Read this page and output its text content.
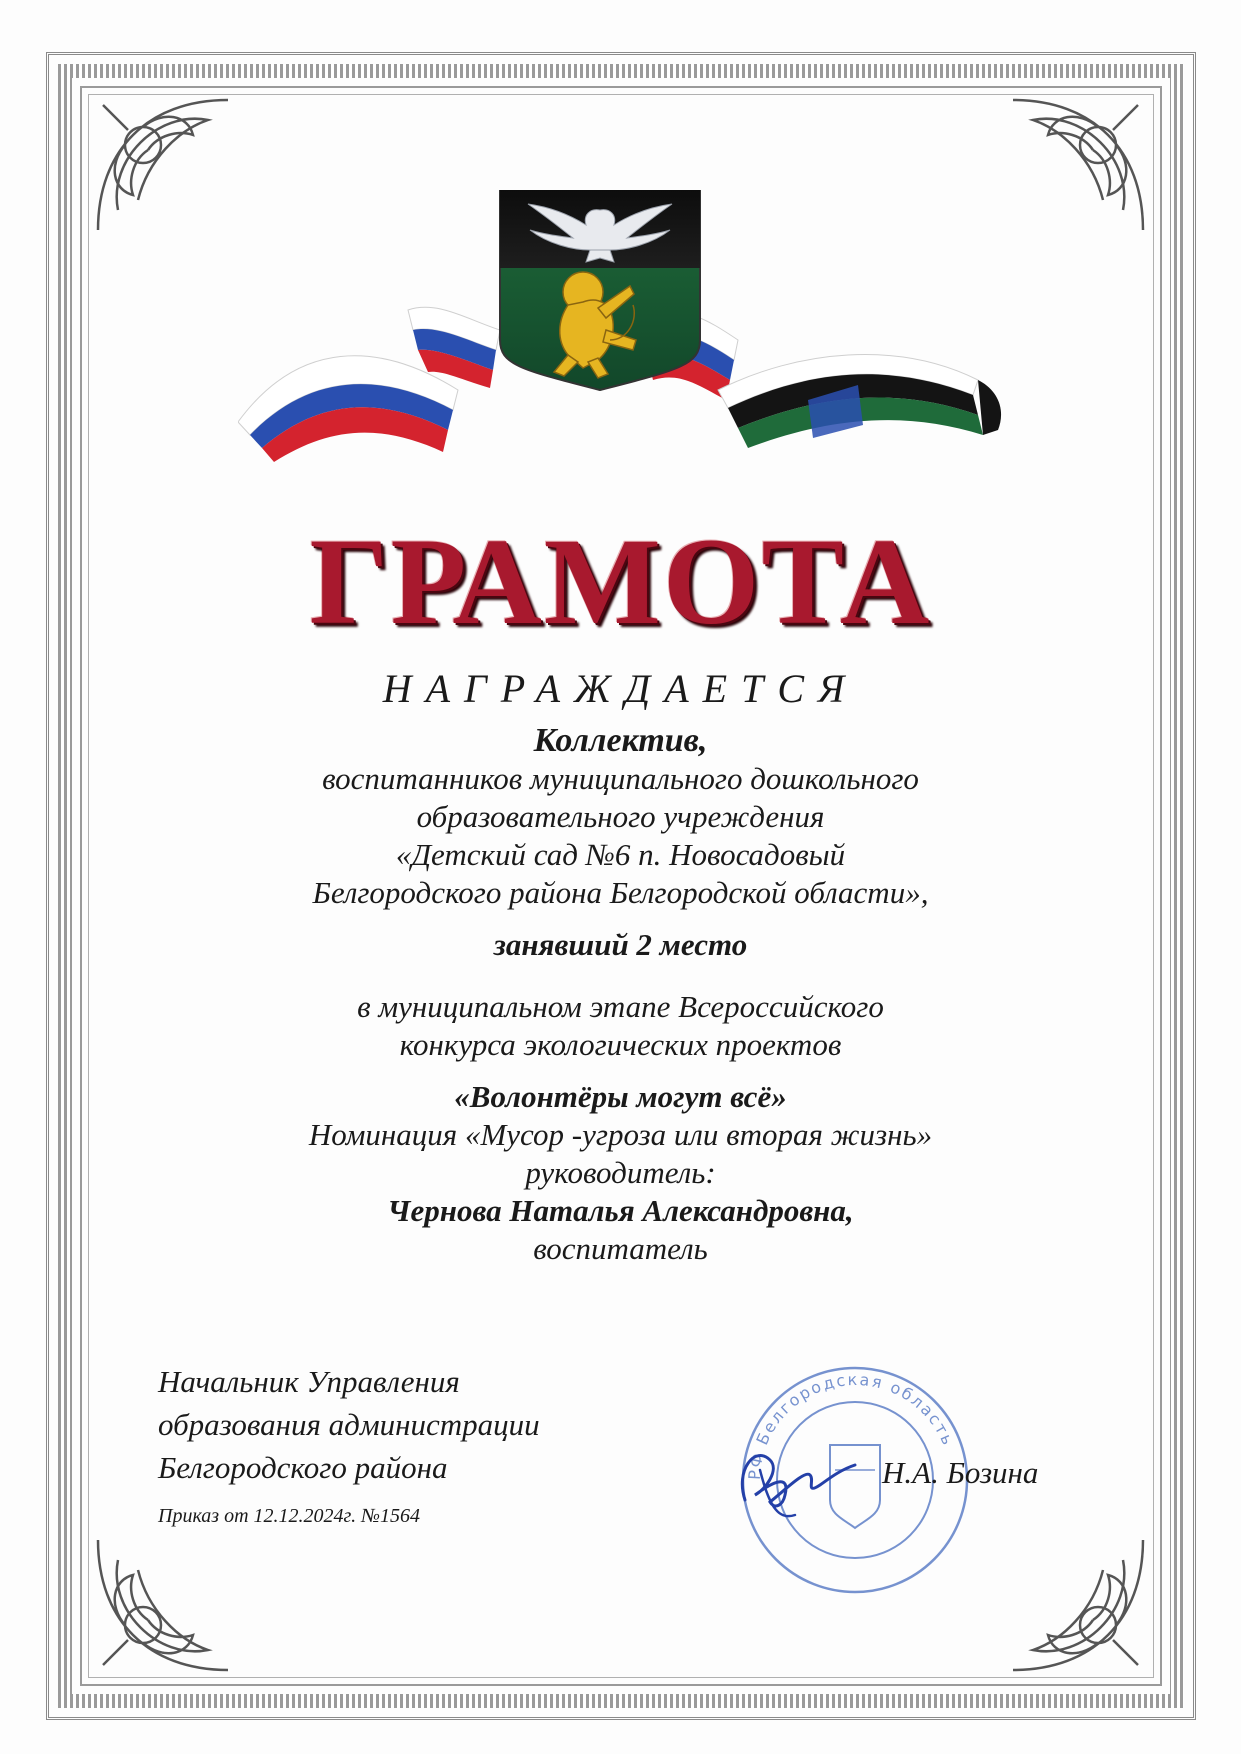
ГРАМОТА
НАГРАЖДАЕТСЯ
Коллектив,
воспитанников муниципального дошкольного
образовательного учреждения
«Детский сад №6 п. Новосадовый
Белгородского района Белгородской области»,
занявший 2 место
в муниципальном этапе Всероссийского
конкурса экологических проектов
«Волонтёры могут всё»
Номинация «Мусор -угроза или вторая жизнь»
руководитель:
Чернова Наталья Александровна,
воспитатель
Начальник Управления
образования администрации
Белгородского района
Приказ от 12.12.2024г. №1564
РФ Белгородская область
Н.А. Бозина
